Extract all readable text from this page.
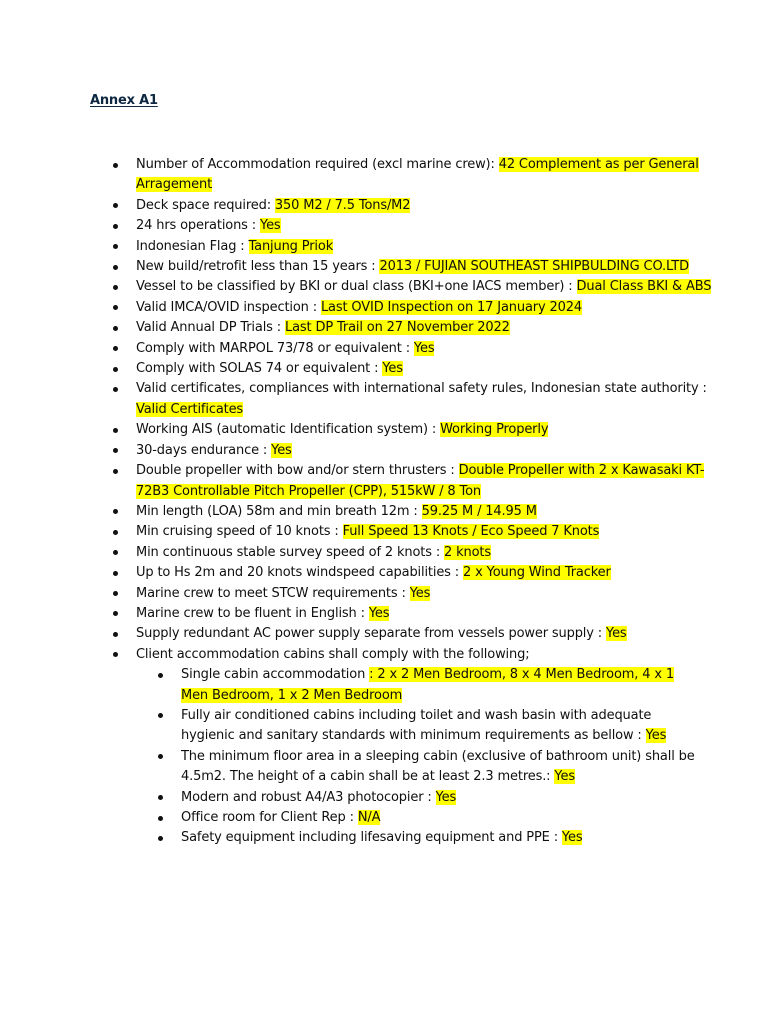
Annex A1
Number of Accommodation required (excl marine crew): 42 Complement as per General Arragement
Deck space required: 350 M2 / 7.5 Tons/M2
24 hrs operations : Yes
Indonesian Flag : Tanjung Priok
New build/retrofit less than 15 years : 2013 / FUJIAN SOUTHEAST SHIPBULDING CO.LTD
Vessel to be classified by BKI or dual class (BKI+one IACS member) : Dual Class BKI & ABS
Valid IMCA/OVID inspection : Last OVID Inspection on 17 January 2024
Valid Annual DP Trials : Last DP Trail on 27 November 2022
Comply with MARPOL 73/78 or equivalent : Yes
Comply with SOLAS 74 or equivalent : Yes
Valid certificates, compliances with international safety rules, Indonesian state authority : Valid Certificates
Working AIS (automatic Identification system) : Working Properly
30-days endurance : Yes
Double propeller with bow and/or stern thrusters : Double Propeller with 2 x Kawasaki KT-72B3 Controllable Pitch Propeller (CPP), 515kW / 8 Ton
Min length (LOA) 58m and min breath 12m : 59.25 M / 14.95 M
Min cruising speed of 10 knots : Full Speed 13 Knots / Eco Speed 7 Knots
Min continuous stable survey speed of 2 knots : 2 knots
Up to Hs 2m and 20 knots windspeed capabilities : 2 x Young Wind Tracker
Marine crew to meet STCW requirements : Yes
Marine crew to be fluent in English : Yes
Supply redundant AC power supply separate from vessels power supply : Yes
Client accommodation cabins shall comply with the following;
Single cabin accommodation : 2 x 2 Men Bedroom, 8 x 4 Men Bedroom, 4 x 1 Men Bedroom, 1 x 2 Men Bedroom
Fully air conditioned cabins including toilet and wash basin with adequate hygienic and sanitary standards with minimum requirements as bellow : Yes
The minimum floor area in a sleeping cabin (exclusive of bathroom unit) shall be 4.5m2. The height of a cabin shall be at least 2.3 metres.: Yes
Modern and robust A4/A3 photocopier : Yes
Office room for Client Rep : N/A
Safety equipment including lifesaving equipment and PPE : Yes
